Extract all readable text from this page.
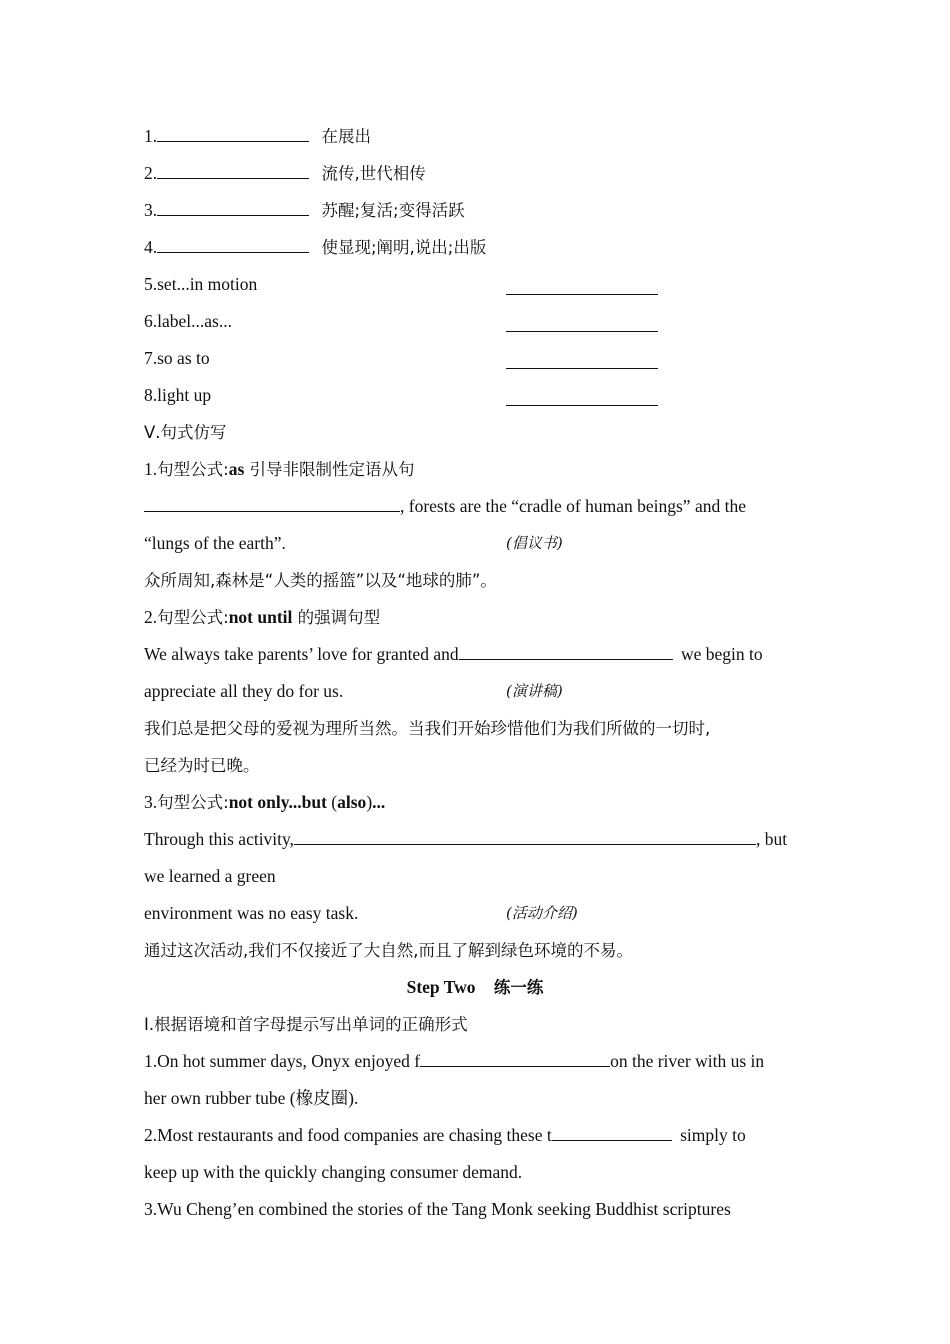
1.	在展出
2.	流传,世代相传
3.	苏醒;复活;变得活跃
4.	使显现;阐明,说出;出版
5.set...in motion
6.label...as...
7.so as to
8.light up
Ⅴ.句式仿写
1.句型公式:as 引导非限制性定语从句
, forests are the “cradle of human beings” and the
“lungs of the earth”.	(倡议书)
众所周知,森林是“人类的摇篮”以及“地球的肺”。
2.句型公式:not until 的强调句型
We always take parents’ love for granted and	we begin to
appreciate all they do for us.	(演讲稿)
我们总是把父母的爱视为理所当然。当我们开始珍惜他们为我们所做的一切时,
已经为时已晚。
3.句型公式:not only...but (also)...
Through this activity,	, but
we learned a green
environment was no easy task.	(活动介绍)
通过这次活动,我们不仅接近了大自然,而且了解到绿色环境的不易。
Step Two 练一练
Ⅰ.根据语境和首字母提示写出单词的正确形式
1.On hot summer days, Onyx enjoyed f	on the river with us in
her own rubber tube (橡皮圈).
2.Most restaurants and food companies are chasing these t	simply to
keep up with the quickly changing consumer demand.
3.Wu Cheng’en combined the stories of the Tang Monk seeking Buddhist scriptures
